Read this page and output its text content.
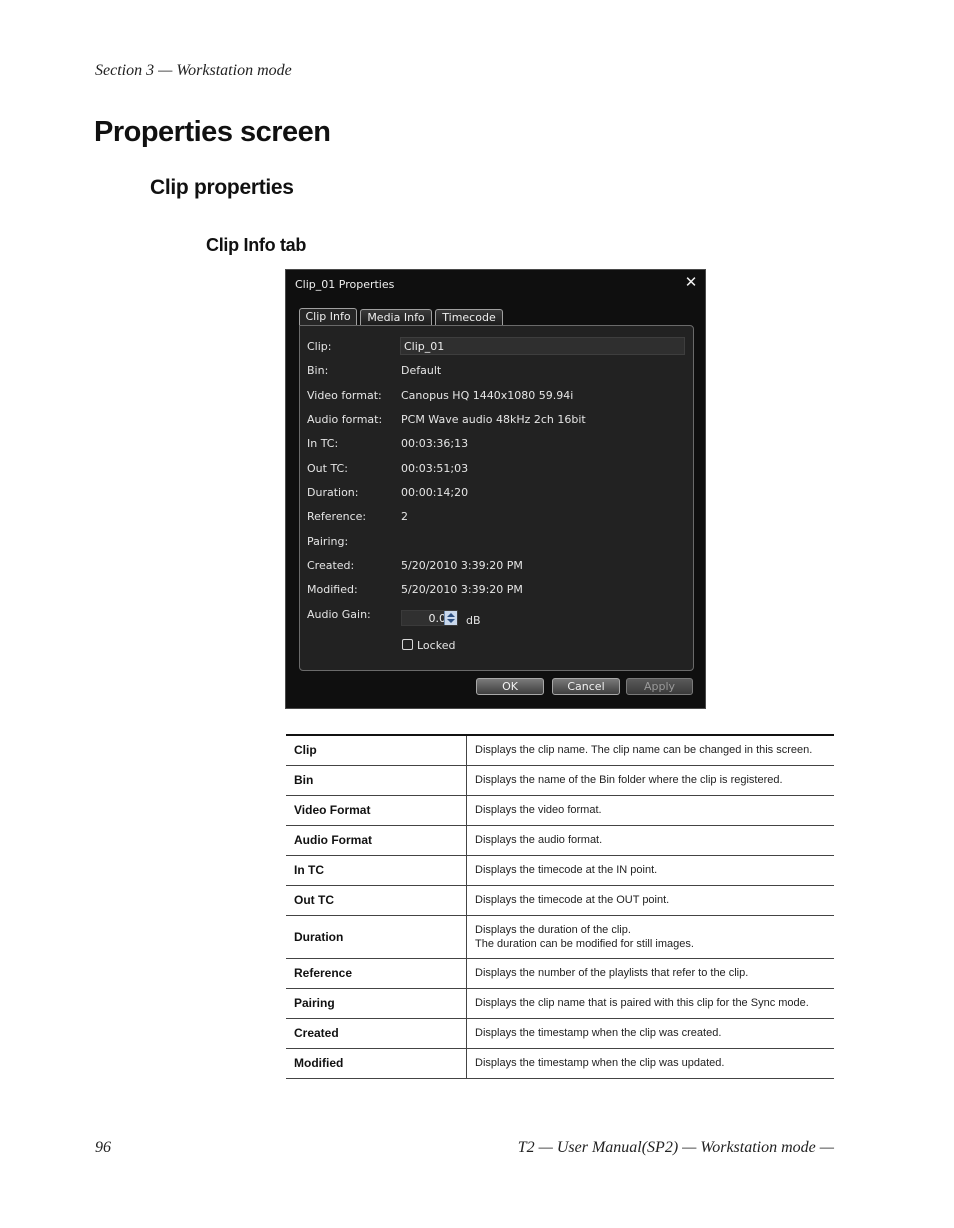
Section 3 — Workstation mode
Properties screen
Clip properties
Clip Info tab
Clip_01 Properties	✕
Clip Info	Media Info	Timecode
Clip:
Clip_01
Bin:	Default
Video format: Canopus HQ 1440x1080 59.94i
Audio format: PCM Wave audio 48kHz 2ch 16bit
In TC:	00:03:36;13
Out TC:	00:03:51;03
Duration:	00:00:14;20
Reference:	2
Pairing:
Created:	5/20/2010 3:39:20 PM
Modified:	5/20/2010 3:39:20 PM
Audio Gain:
0.0	dB
Locked
OK	Cancel	Apply
Clip	Displays the clip name. The clip name can be changed in this screen.

Bin	Displays the name of the Bin folder where the clip is registered.

Video Format	Displays the video format.

Audio Format	Displays the audio format.

In TC	Displays the timecode at the IN point.

Out TC	Displays the timecode at the OUT point.

Duration	Displays the duration of the clip.
The duration can be modified for still images.

Reference	Displays the number of the playlists that refer to the clip.

Pairing	Displays the clip name that is paired with this clip for the Sync mode.

Created	Displays the timestamp when the clip was created.

Modified	Displays the timestamp when the clip was updated.
96	T2 — User Manual(SP2) — Workstation mode —
